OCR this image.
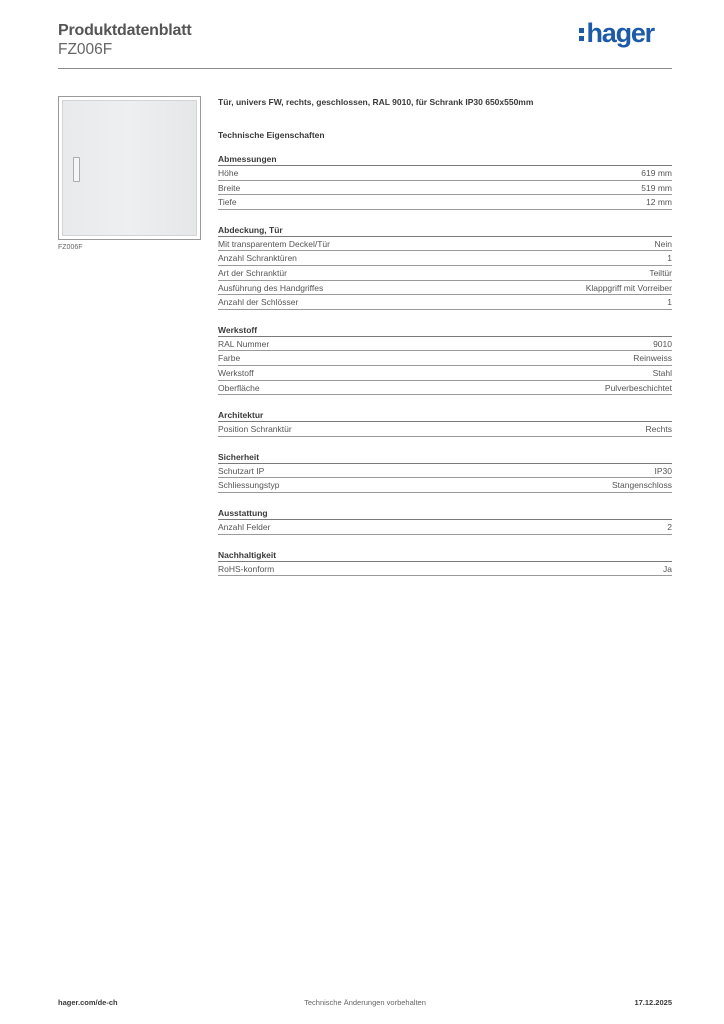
Produktdatenblatt
FZ006F
hager
FZ006F
Tür, univers FW, rechts, geschlossen, RAL 9010, für Schrank IP30 650x550mm
Technische Eigenschaften
Abmessungen
Höhe	619 mm
Breite	519 mm
Tiefe	12 mm
Abdeckung, Tür
Mit transparentem Deckel/Tür	Nein
Anzahl Schranktüren	1
Art der Schranktür	Teiltür
Ausführung des Handgriffes	Klappgriff mit Vorreiber
Anzahl der Schlösser	1
Werkstoff
RAL Nummer	9010
Farbe	Reinweiss
Werkstoff	Stahl
Oberfläche	Pulverbeschichtet
Architektur
Position Schranktür	Rechts
Sicherheit
Schutzart IP	IP30
Schliessungstyp	Stangenschloss
Ausstattung
Anzahl Felder	2
Nachhaltigkeit
RoHS-konform	Ja
hager.com/de-ch	Technische Änderungen vorbehalten	17.12.2025
